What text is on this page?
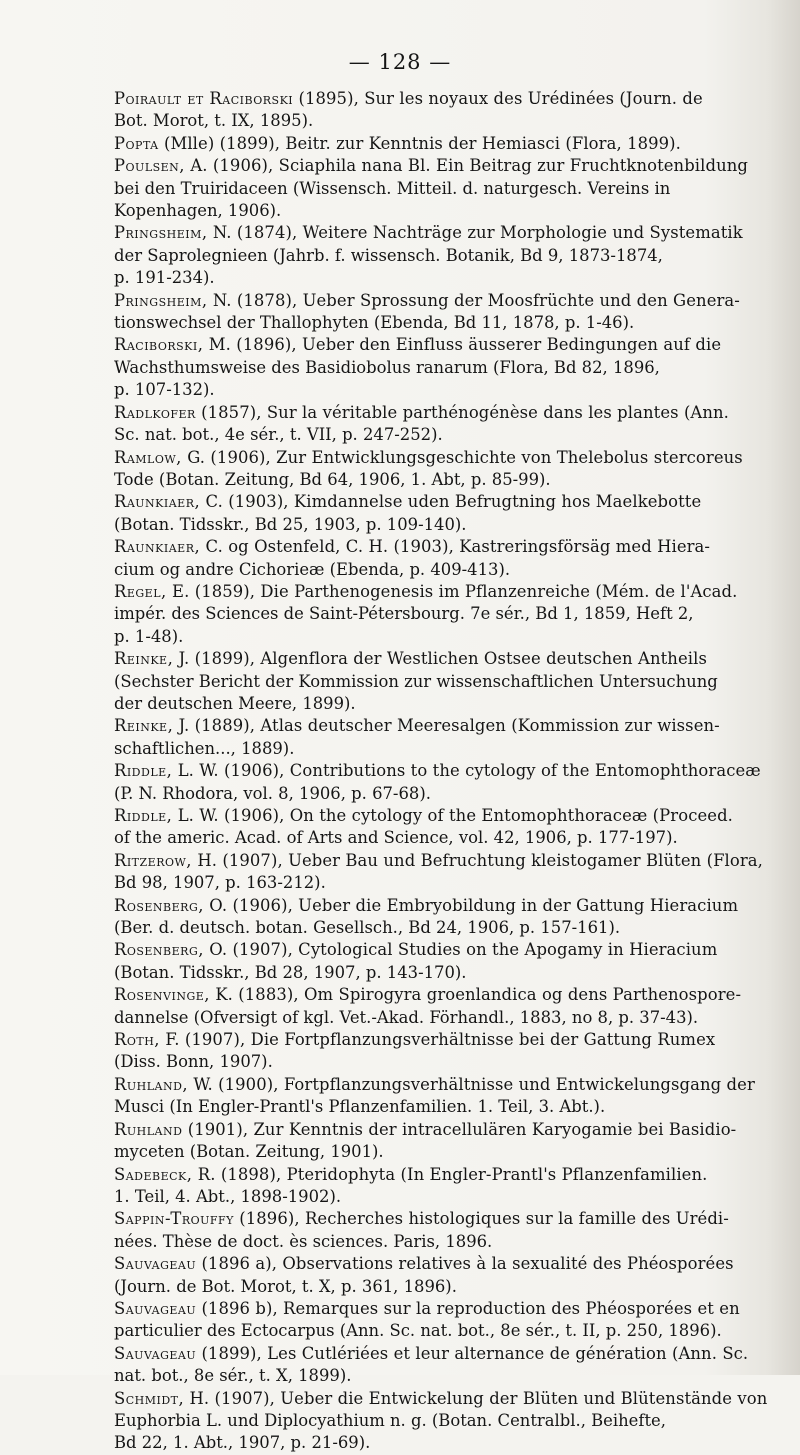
— 128 —
Poirault et Raciborski (1895), Sur les noyaux des Urédinées (Journ. de
Bot. Morot, t. IX, 1895).
Popta (Mlle) (1899), Beitr. zur Kenntnis der Hemiasci (Flora, 1899).
Poulsen, A. (1906), Sciaphila nana Bl. Ein Beitrag zur Fruchtknotenbildung
bei den Truiridaceen (Wissensch. Mitteil. d. naturgesch. Vereins in
Kopenhagen, 1906).
Pringsheim, N. (1874), Weitere Nachträge zur Morphologie und Systematik
der Saprolegnieen (Jahrb. f. wissensch. Botanik, Bd 9, 1873-1874,
p. 191-234).
Pringsheim, N. (1878), Ueber Sprossung der Moosfrüchte und den Genera-
tionswechsel der Thallophyten (Ebenda, Bd 11, 1878, p. 1-46).
Raciborski, M. (1896), Ueber den Einfluss äusserer Bedingungen auf die
Wachsthumsweise des Basidiobolus ranarum (Flora, Bd 82, 1896,
p. 107-132).
Radlkofer (1857), Sur la véritable parthénogénèse dans les plantes (Ann.
Sc. nat. bot., 4e sér., t. VII, p. 247-252).
Ramlow, G. (1906), Zur Entwicklungsgeschichte von Thelebolus stercoreus
Tode (Botan. Zeitung, Bd 64, 1906, 1. Abt, p. 85-99).
Raunkiaer, C. (1903), Kimdannelse uden Befrugtning hos Maelkebotte
(Botan. Tidsskr., Bd 25, 1903, p. 109-140).
Raunkiaer, C. og Ostenfeld, C. H. (1903), Kastreringsförsäg med Hiera-
cium og andre Cichorieæ (Ebenda, p. 409-413).
Regel, E. (1859), Die Parthenogenesis im Pflanzenreiche (Mém. de l'Acad.
impér. des Sciences de Saint-Pétersbourg. 7e sér., Bd 1, 1859, Heft 2,
p. 1-48).
Reinke, J. (1899), Algenflora der Westlichen Ostsee deutschen Antheils
(Sechster Bericht der Kommission zur wissenschaftlichen Untersuchung
der deutschen Meere, 1899).
Reinke, J. (1889), Atlas deutscher Meeresalgen (Kommission zur wissen-
schaftlichen..., 1889).
Riddle, L. W. (1906), Contributions to the cytology of the Entomophthoraceæ
(P. N. Rhodora, vol. 8, 1906, p. 67-68).
Riddle, L. W. (1906), On the cytology of the Entomophthoraceæ (Proceed.
of the americ. Acad. of Arts and Science, vol. 42, 1906, p. 177-197).
Ritzerow, H. (1907), Ueber Bau und Befruchtung kleistogamer Blüten (Flora,
Bd 98, 1907, p. 163-212).
Rosenberg, O. (1906), Ueber die Embryobildung in der Gattung Hieracium
(Ber. d. deutsch. botan. Gesellsch., Bd 24, 1906, p. 157-161).
Rosenberg, O. (1907), Cytological Studies on the Apogamy in Hieracium
(Botan. Tidsskr., Bd 28, 1907, p. 143-170).
Rosenvinge, K. (1883), Om Spirogyra groenlandica og dens Parthenospore-
dannelse (Ofversigt of kgl. Vet.-Akad. Förhandl., 1883, no 8, p. 37-43).
Roth, F. (1907), Die Fortpflanzungsverhältnisse bei der Gattung Rumex
(Diss. Bonn, 1907).
Ruhland, W. (1900), Fortpflanzungsverhältnisse und Entwickelungsgang der
Musci (In Engler-Prantl's Pflanzenfamilien. 1. Teil, 3. Abt.).
Ruhland (1901), Zur Kenntnis der intracellulären Karyogamie bei Basidio-
myceten (Botan. Zeitung, 1901).
Sadebeck, R. (1898), Pteridophyta (In Engler-Prantl's Pflanzenfamilien.
1. Teil, 4. Abt., 1898-1902).
Sappin-Trouffy (1896), Recherches histologiques sur la famille des Urédi-
nées. Thèse de doct. ès sciences. Paris, 1896.
Sauvageau (1896 a), Observations relatives à la sexualité des Phéosporées
(Journ. de Bot. Morot, t. X, p. 361, 1896).
Sauvageau (1896 b), Remarques sur la reproduction des Phéosporées et en
particulier des Ectocarpus (Ann. Sc. nat. bot., 8e sér., t. II, p. 250, 1896).
Sauvageau (1899), Les Cutlériées et leur alternance de génération (Ann. Sc.
nat. bot., 8e sér., t. X, 1899).
Schmidt, H. (1907), Ueber die Entwickelung der Blüten und Blütenstände von
Euphorbia L. und Diplocyathium n. g. (Botan. Centralbl., Beihefte,
Bd 22, 1. Abt., 1907, p. 21-69).
